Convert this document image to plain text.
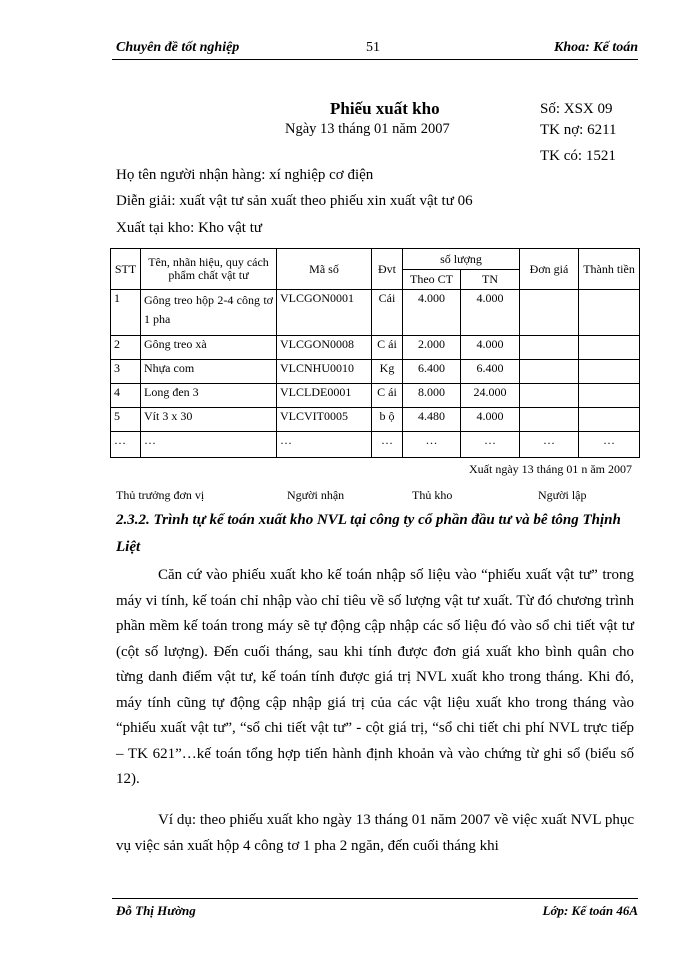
Chuyên đề tốt nghiệp	51	Khoa: Kế toán
Phiếu xuất kho
Ngày 13 tháng 01 năm 2007
Số: XSX 09
TK nợ: 6211
TK có: 1521
Họ tên người nhận hàng: xí nghiệp cơ điện
Diễn giải: xuất vật tư sản xuất theo phiếu xin xuất vật tư 06
Xuất tại kho: Kho vật tư
STT	Tên, nhãn hiệu, quy cách phẩm chất vật tư	Mã số	Đvt	số lượng		Đơn giá	Thành tiền
				Theo CT	TN		
1	Gông treo hộp 2-4 công tơ 1 pha	VLCGON0001	Cái	4.000	4.000		
2	Gông treo xà	VLCGON0008	C ái	2.000	4.000		
3	Nhựa com	VLCNHU0010	Kg	6.400	6.400		
4	Long đen 3	VLCLDE0001	C ái	8.000	24.000		
5	Vít 3 x 30	VLCVIT0005	b ộ	4.480	4.000		
…	…	…	…	…	…	…	…
Xuất ngày 13 tháng 01 n ăm 2007
Thủ trưởng đơn vị	Người nhận	Thủ kho	Người lập
2.3.2. Trình tự kế toán xuất kho NVL tại công ty cổ phần đầu tư và bê tông Thịnh Liệt
Căn cứ vào phiếu xuất kho kế toán nhập số liệu vào “phiếu xuất vật tư” trong máy vi tính, kế toán chỉ nhập vào chỉ tiêu về số lượng vật tư xuất. Từ đó chương trình phần mềm kế toán trong máy sẽ tự động cập nhập các số liệu đó vào sổ chi tiết vật tư (cột số lượng). Đến cuối tháng, sau khi tính được đơn giá xuất kho bình quân cho từng danh điểm vật tư, kế toán tính được giá trị NVL xuất kho trong tháng. Khi đó, máy tính cũng tự động cập nhập giá trị của các vật liệu xuất kho trong tháng vào “phiếu xuất vật tư”, “sổ chi tiết vật tư” - cột giá trị, “sổ chi tiết chi phí NVL trực tiếp – TK 621”…kế toán tổng hợp tiến hành định khoản và vào chứng từ ghi sổ (biểu số 12).
Ví dụ: theo phiếu xuất kho ngày 13 tháng 01 năm 2007 về việc xuất NVL phục vụ việc sản xuất hộp 4 công tơ 1 pha 2 ngăn, đến cuối tháng khi
Đỗ Thị Hường	Lớp: Kế toán 46A
